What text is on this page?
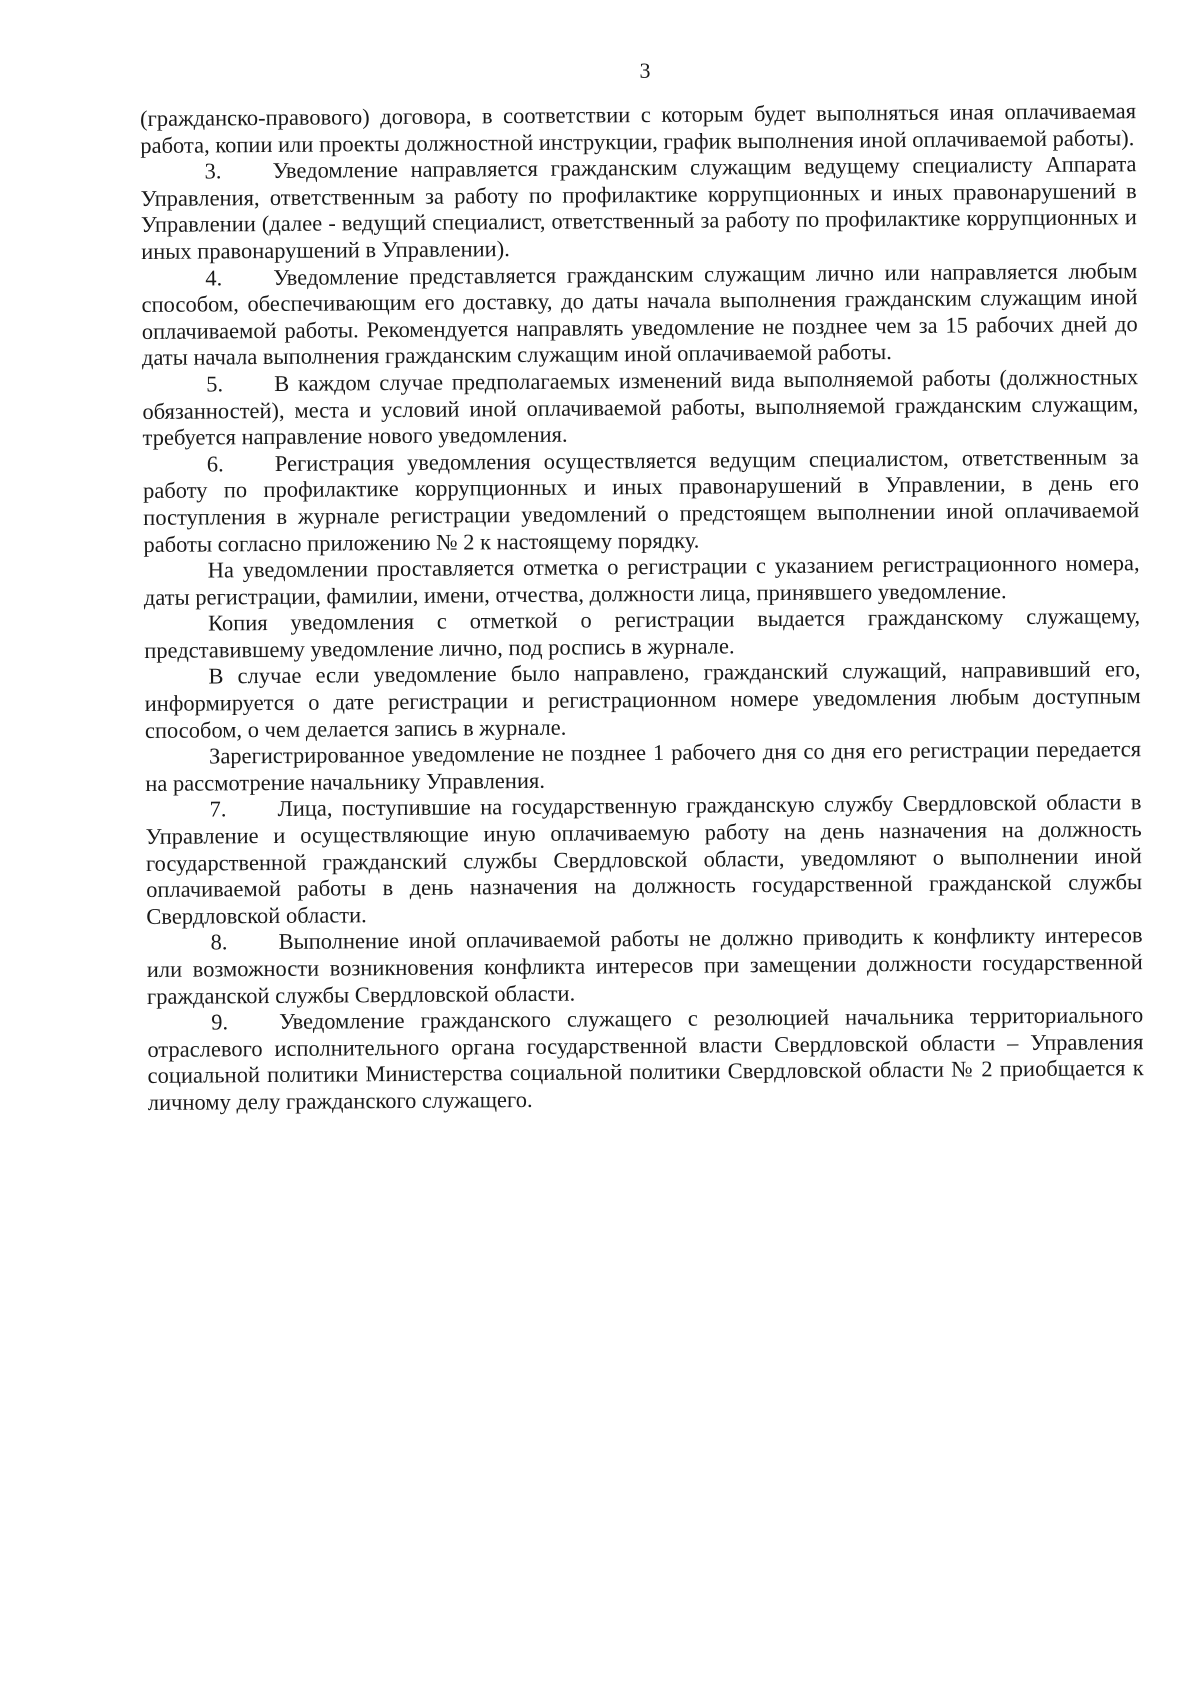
3

(гражданско-правового) договора, в соответствии с которым будет выполняться иная оплачиваемая работа, копии или проекты должностной инструкции, график выполнения иной оплачиваемой работы).

3. Уведомление направляется гражданским служащим ведущему специалисту Аппарата Управления, ответственным за работу по профилактике коррупционных и иных правонарушений в Управлении (далее - ведущий специалист, ответственный за работу по профилактике коррупционных и иных правонарушений в Управлении).

4. Уведомление представляется гражданским служащим лично или направляется любым способом, обеспечивающим его доставку, до даты начала выполнения гражданским служащим иной оплачиваемой работы. Рекомендуется направлять уведомление не позднее чем за 15 рабочих дней до даты начала выполнения гражданским служащим иной оплачиваемой работы.

5. В каждом случае предполагаемых изменений вида выполняемой работы (должностных обязанностей), места и условий иной оплачиваемой работы, выполняемой гражданским служащим, требуется направление нового уведомления.

6. Регистрация уведомления осуществляется ведущим специалистом, ответственным за работу по профилактике коррупционных и иных правонарушений в Управлении, в день его поступления в журнале регистрации уведомлений о предстоящем выполнении иной оплачиваемой работы согласно приложению № 2 к настоящему порядку.

На уведомлении проставляется отметка о регистрации с указанием регистрационного номера, даты регистрации, фамилии, имени, отчества, должности лица, принявшего уведомление.

Копия уведомления с отметкой о регистрации выдается гражданскому служащему, представившему уведомление лично, под роспись в журнале.

В случае если уведомление было направлено, гражданский служащий, направивший его, информируется о дате регистрации и регистрационном номере уведомления любым доступным способом, о чем делается запись в журнале.

Зарегистрированное уведомление не позднее 1 рабочего дня со дня его регистрации передается на рассмотрение начальнику Управления.

7. Лица, поступившие на государственную гражданскую службу Свердловской области в Управление и осуществляющие иную оплачиваемую работу на день назначения на должность государственной гражданский службы Свердловской области, уведомляют о выполнении иной оплачиваемой работы в день назначения на должность государственной гражданской службы Свердловской области.

8. Выполнение иной оплачиваемой работы не должно приводить к конфликту интересов или возможности возникновения конфликта интересов при замещении должности государственной гражданской службы Свердловской области.

9. Уведомление гражданского служащего с резолюцией начальника территориального отраслевого исполнительного органа государственной власти Свердловской области – Управления социальной политики Министерства социальной политики Свердловской области № 2 приобщается к личному делу гражданского служащего.
